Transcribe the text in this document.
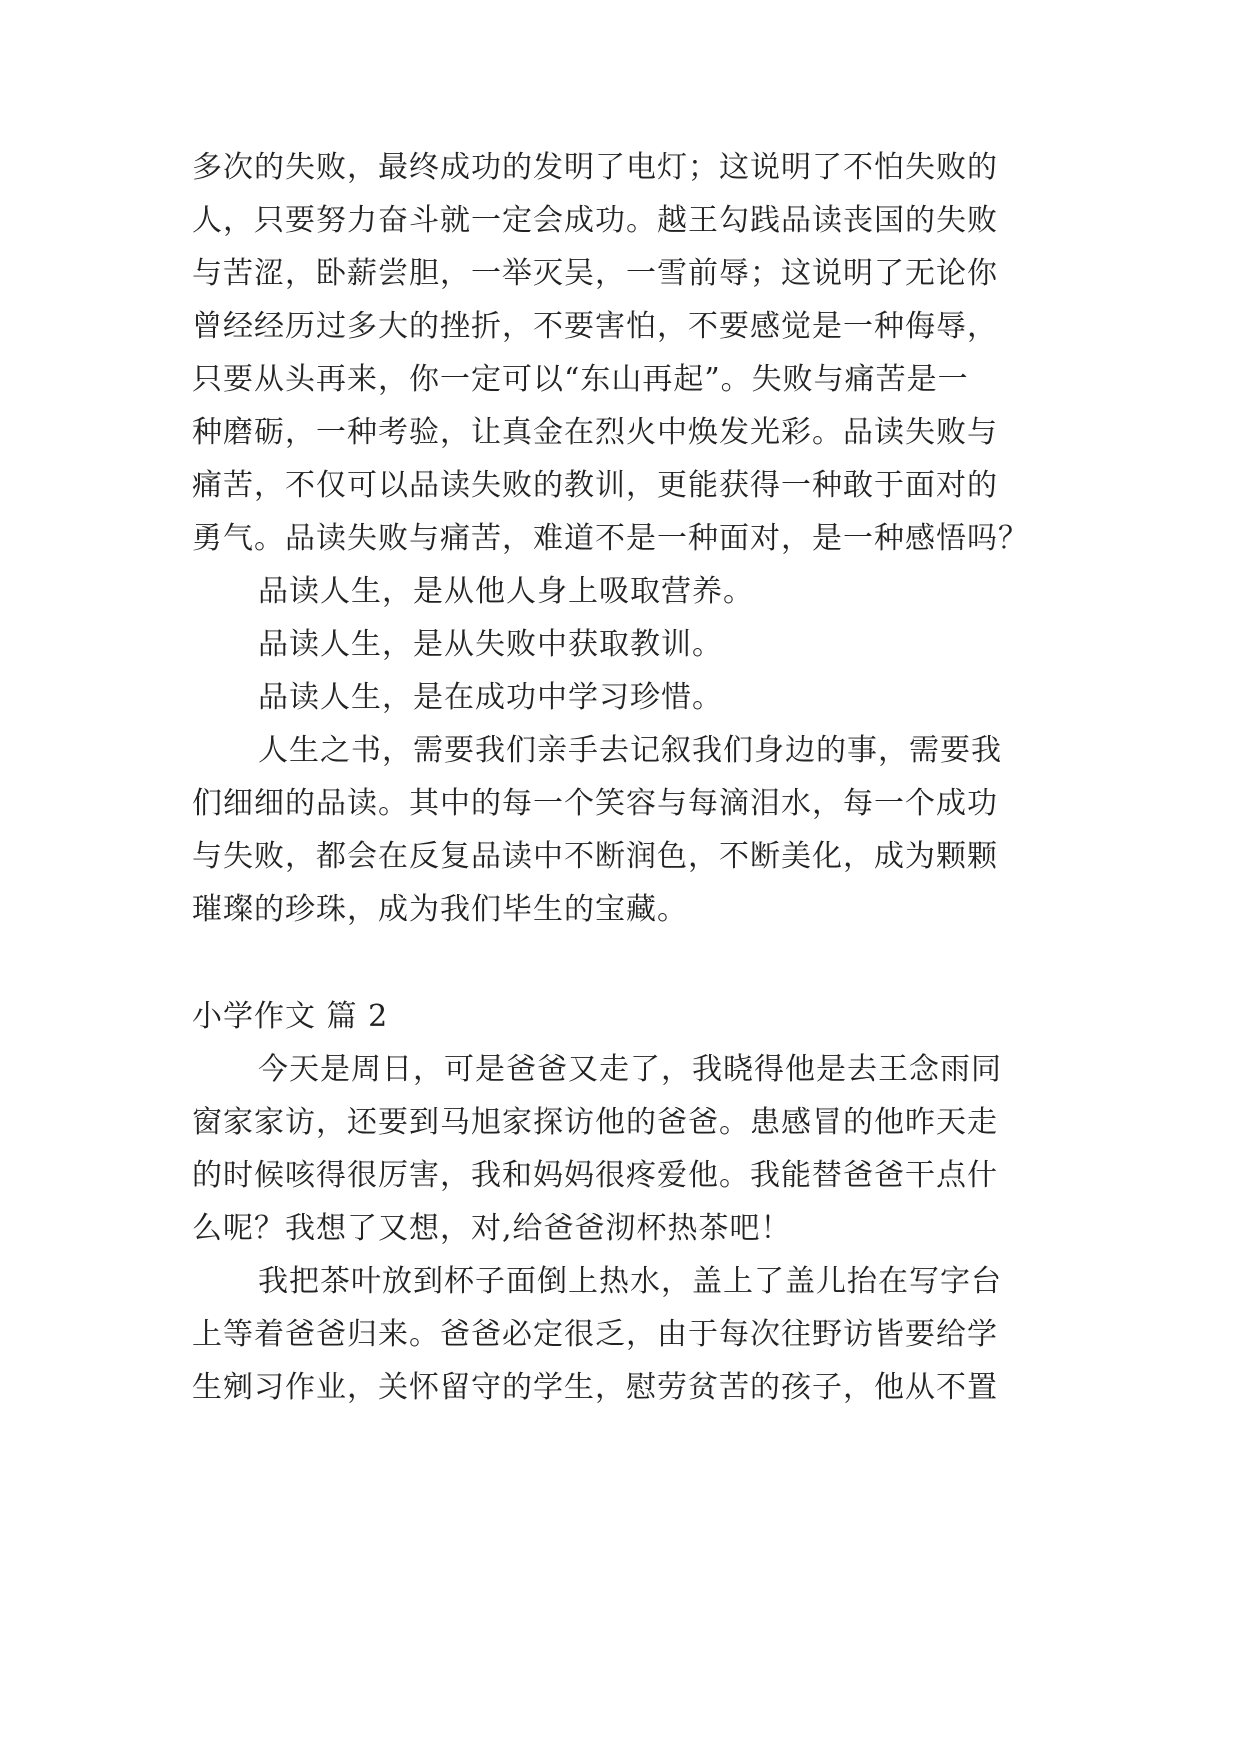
多次的失败，最终成功的发明了电灯；这说明了不怕失败的
人，只要努力奋斗就一定会成功。越王勾践品读丧国的失败
与苦涩，卧薪尝胆，一举灭吴，一雪前辱；这说明了无论你
曾经经历过多大的挫折，不要害怕，不要感觉是一种侮辱，
只要从头再来，你一定可以“东山再起”。失败与痛苦是一
种磨砺，一种考验，让真金在烈火中焕发光彩。品读失败与
痛苦，不仅可以品读失败的教训，更能获得一种敢于面对的
勇气。品读失败与痛苦，难道不是一种面对，是一种感悟吗？
品读人生，是从他人身上吸取营养。
品读人生，是从失败中获取教训。
品读人生，是在成功中学习珍惜。
人生之书，需要我们亲手去记叙我们身边的事，需要我
们细细的品读。其中的每一个笑容与每滴泪水，每一个成功
与失败，都会在反复品读中不断润色，不断美化，成为颗颗
璀璨的珍珠，成为我们毕生的宝藏。
小学作文 篇 2
今天是周日，可是爸爸又走了，我晓得他是去王念雨同
窗家家访，还要到马旭家探访他的爸爸。患感冒的他昨天走
的时候咳得很厉害，我和妈妈很疼爱他。我能替爸爸干点什
么呢？我想了又想，对,给爸爸沏杯热茶吧！
我把茶叶放到杯子面倒上热水，盖上了盖儿抬在写字台
上等着爸爸归来。爸爸必定很乏，由于每次往野访皆要给学
生剜习作业，关怀留守的学生，慰劳贫苦的孩子，他从不置
